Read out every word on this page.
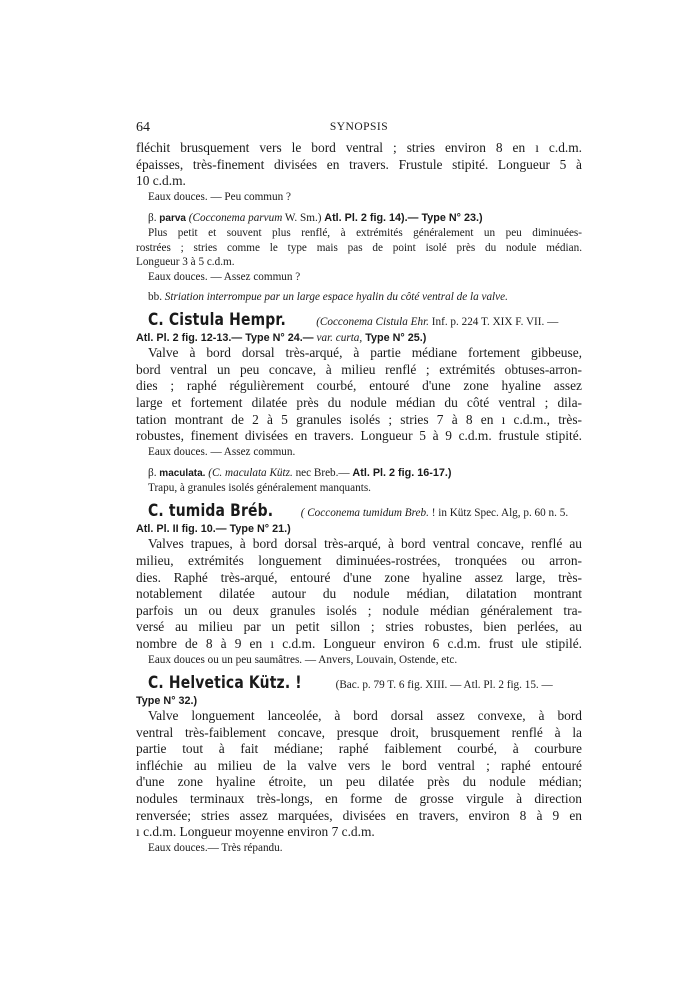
64	SYNOPSIS
fléchit brusquement vers le bord ventral ; stries environ 8 en ı c.d.m.
épaisses, très-finement divisées en travers. Frustule stipité. Longueur 5 à
10 c.d.m.
Eaux douces. — Peu commun ?
β. parva (Cocconema parvum W. Sm.) Atl. Pl. 2 fig. 14).— Type N° 23.)
Plus petit et souvent plus renflé, à extrémités généralement un peu diminuées-
rostrées ; stries comme le type mais pas de point isolé près du nodule médian.
Longueur 3 à 5 c.d.m.
Eaux douces. — Assez commun ?
bb. Striation interrompue par un large espace hyalin du côté ventral de la valve.
C. Cistula Hempr.	(Cocconema Cistula Ehr. Inf. p. 224 T. XIX F. VII. —
Atl. Pl. 2 fig. 12-13.— Type N° 24.— var. curta, Type N° 25.)
Valve à bord dorsal très-arqué, à partie médiane fortement gibbeuse,
bord ventral un peu concave, à milieu renflé ; extrémités obtuses-arron-
dies ; raphé régulièrement courbé, entouré d'une zone hyaline assez
large et fortement dilatée près du nodule médian du côté ventral ; dila-
tation montrant de 2 à 5 granules isolés ; stries 7 à 8 en ı c.d.m., très-
robustes, finement divisées en travers. Longueur 5 à 9 c.d.m. frustule stipité.
Eaux douces. — Assez commun.
β. maculata. (C. maculata Kütz. nec Breb.— Atl. Pl. 2 fig. 16-17.)
Trapu, à granules isolés généralement manquants.
C. tumida Bréb. ( Cocconema tumidum Breb. ! in Kütz Spec. Alg, p. 60 n. 5.
Atl. Pl. II fig. 10.— Type N° 21.)
Valves trapues, à bord dorsal très-arqué, à bord ventral concave, renflé au
milieu, extrémités longuement diminuées-rostrées, tronquées ou arron-
dies. Raphé très-arqué, entouré d'une zone hyaline assez large, très-
notablement dilatée autour du nodule médian, dilatation montrant
parfois un ou deux granules isolés ; nodule médian généralement tra-
versé au milieu par un petit sillon ; stries robustes, bien perlées, au
nombre de 8 à 9 en ı c.d.m. Longueur environ 6 c.d.m. frust ule stipilé.
Eaux douces ou un peu saumâtres. — Anvers, Louvain, Ostende, etc.
C. Helvetica Kütz. !	(Bac. p. 79 T. 6 fig. XIII. — Atl. Pl. 2 fig. 15. —
Type N° 32.)
Valve longuement lanceolée, à bord dorsal assez convexe, à bord
ventral très-faiblement concave, presque droit, brusquement renflé à la
partie tout à fait médiane; raphé faiblement courbé, à courbure
infléchie au milieu de la valve vers le bord ventral ; raphé entouré
d'une zone hyaline étroite, un peu dilatée près du nodule médian;
nodules terminaux très-longs, en forme de grosse virgule à direction
renversée; stries assez marquées, divisées en travers, environ 8 à 9 en
ı c.d.m. Longueur moyenne environ 7 c.d.m.
Eaux douces.— Très répandu.
